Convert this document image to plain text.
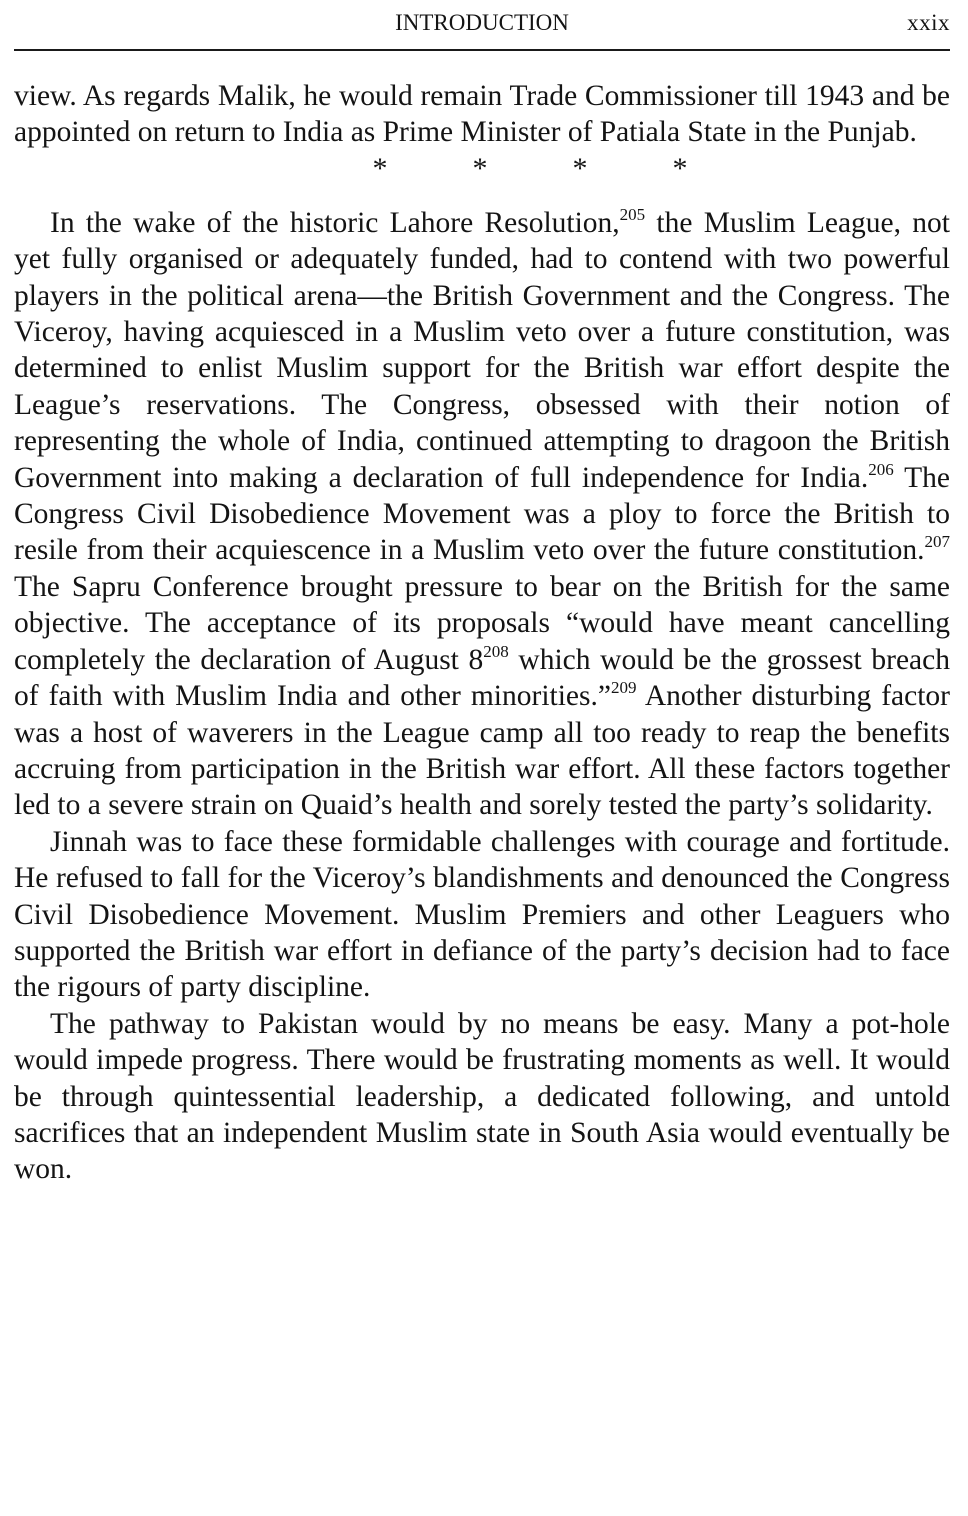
INTRODUCTION	xxix

view. As regards Malik, he would remain Trade Commissioner till 1943 and be appointed on return to India as Prime Minister of Patiala State in the Punjab.

*	*	*	*

In the wake of the historic Lahore Resolution,$^{205}$ the Muslim League, not yet fully organised or adequately funded, had to contend with two powerful players in the political arena—the British Government and the Congress. The Viceroy, having acquiesced in a Muslim veto over a future constitution, was determined to enlist Muslim support for the British war effort despite the League’s reservations. The Congress, obsessed with their notion of representing the whole of India, continued attempting to dragoon the British Government into making a declaration of full independence for India.$^{206}$ The Congress Civil Disobedience Movement was a ploy to force the British to resile from their acquiescence in a Muslim veto over the future constitution.$^{207}$ The Sapru Conference brought pressure to bear on the British for the same objective. The acceptance of its proposals “would have meant cancelling completely the declaration of August $8^{208}$ which would be the grossest breach of faith with Muslim India and other minorities.”$^{209}$ Another disturbing factor was a host of waverers in the League camp all too ready to reap the benefits accruing from participation in the British war effort. All these factors together led to a severe strain on Quaid’s health and sorely tested the party’s solidarity.

Jinnah was to face these formidable challenges with courage and fortitude. He refused to fall for the Viceroy’s blandishments and denounced the Congress Civil Disobedience Movement. Muslim Premiers and other Leaguers who supported the British war effort in defiance of the party’s decision had to face the rigours of party discipline.

The pathway to Pakistan would by no means be easy. Many a pot-hole would impede progress. There would be frustrating moments as well. It would be through quintessential leadership, a dedicated following, and untold sacrifices that an independent Muslim state in South Asia would eventually be won.
